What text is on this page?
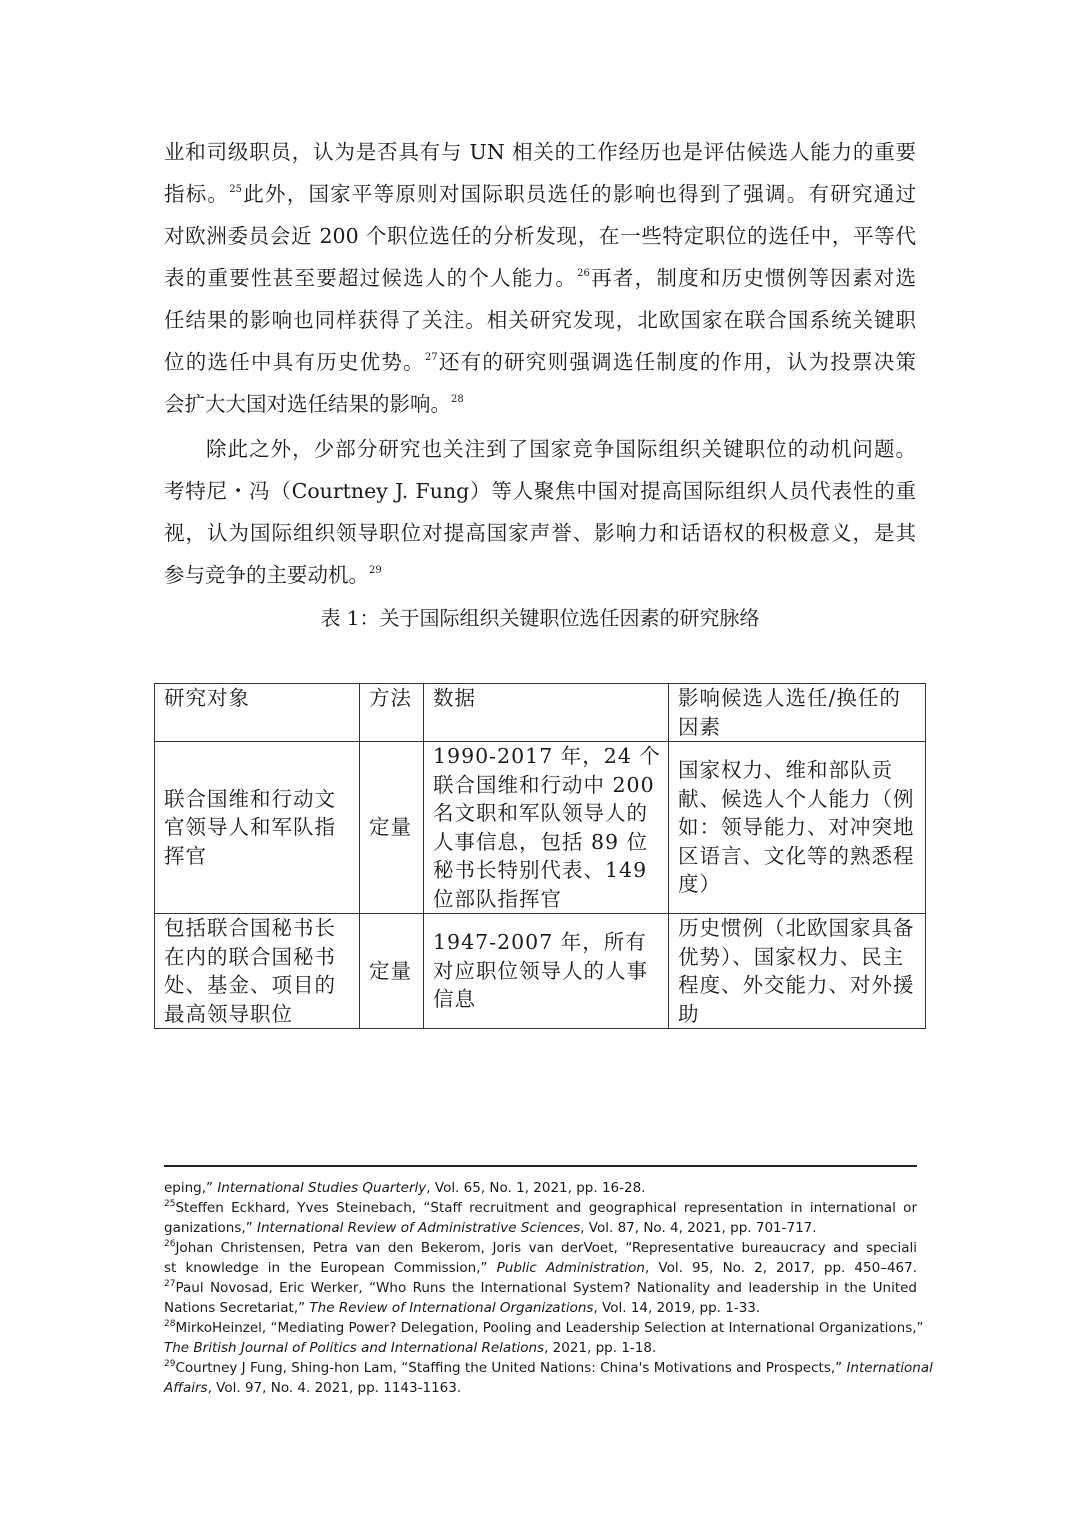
业和司级职员，认为是否具有与 UN 相关的工作经历也是评估候选人能力的重要
指标。$^{25}$此外，国家平等原则对国际职员选任的影响也得到了强调。有研究通过
对欧洲委员会近 200 个职位选任的分析发现，在一些特定职位的选任中，平等代
表的重要性甚至要超过候选人的个人能力。$^{26}$再者，制度和历史惯例等因素对选
任结果的影响也同样获得了关注。相关研究发现，北欧国家在联合国系统关键职
位的选任中具有历史优势。$^{27}$还有的研究则强调选任制度的作用，认为投票决策
会扩大大国对选任结果的影响。$^{28}$
除此之外，少部分研究也关注到了国家竞争国际组织关键职位的动机问题。
考特尼・冯（Courtney J. Fung）等人聚焦中国对提高国际组织人员代表性的重
视，认为国际组织领导职位对提高国家声誉、影响力和话语权的积极意义，是其
参与竞争的主要动机。$^{29}$
表 1：关于国际组织关键职位选任因素的研究脉络
研究对象	方法	数据	影响候选人选任/换任的因素
联合国维和行动文官领导人和军队指挥官	定量	1990-2017 年，24 个联合国维和行动中 200 名文职和军队领导人的人事信息，包括 89 位秘书长特别代表、149 位部队指挥官	国家权力、维和部队贡献、候选人个人能力（例如：领导能力、对冲突地区语言、文化等的熟悉程度）
包括联合国秘书长在内的联合国秘书处、基金、项目的最高领导职位	定量	1947-2007 年，所有对应职位领导人的人事信息	历史惯例（北欧国家具备优势）、国家权力、民主程度、外交能力、对外援助
eping,” International Studies Quarterly, Vol. 65, No. 1, 2021, pp. 16-28.
$^{25}$Steffen Eckhard, Yves Steinebach, “Staff recruitment and geographical representation in international or
ganizations,” International Review of Administrative Sciences, Vol. 87, No. 4, 2021, pp. 701-717.
$^{26}$Johan Christensen, Petra van den Bekerom, Joris van derVoet, “Representative bureaucracy and speciali
st knowledge in the European Commission,” Public Administration, Vol. 95, No. 2, 2017, pp. 450–467.
$^{27}$Paul Novosad, Eric Werker, “Who Runs the International System? Nationality and leadership in the United
Nations Secretariat,” The Review of International Organizations, Vol. 14, 2019, pp. 1-33.
$^{28}$MirkoHeinzel, “Mediating Power? Delegation, Pooling and Leadership Selection at International Organizations,”
The British Journal of Politics and International Relations, 2021, pp. 1-18.
$^{29}$Courtney J Fung, Shing-hon Lam, “Staffing the United Nations: China's Motivations and Prospects,” International
Affairs, Vol. 97, No. 4. 2021, pp. 1143-1163.
